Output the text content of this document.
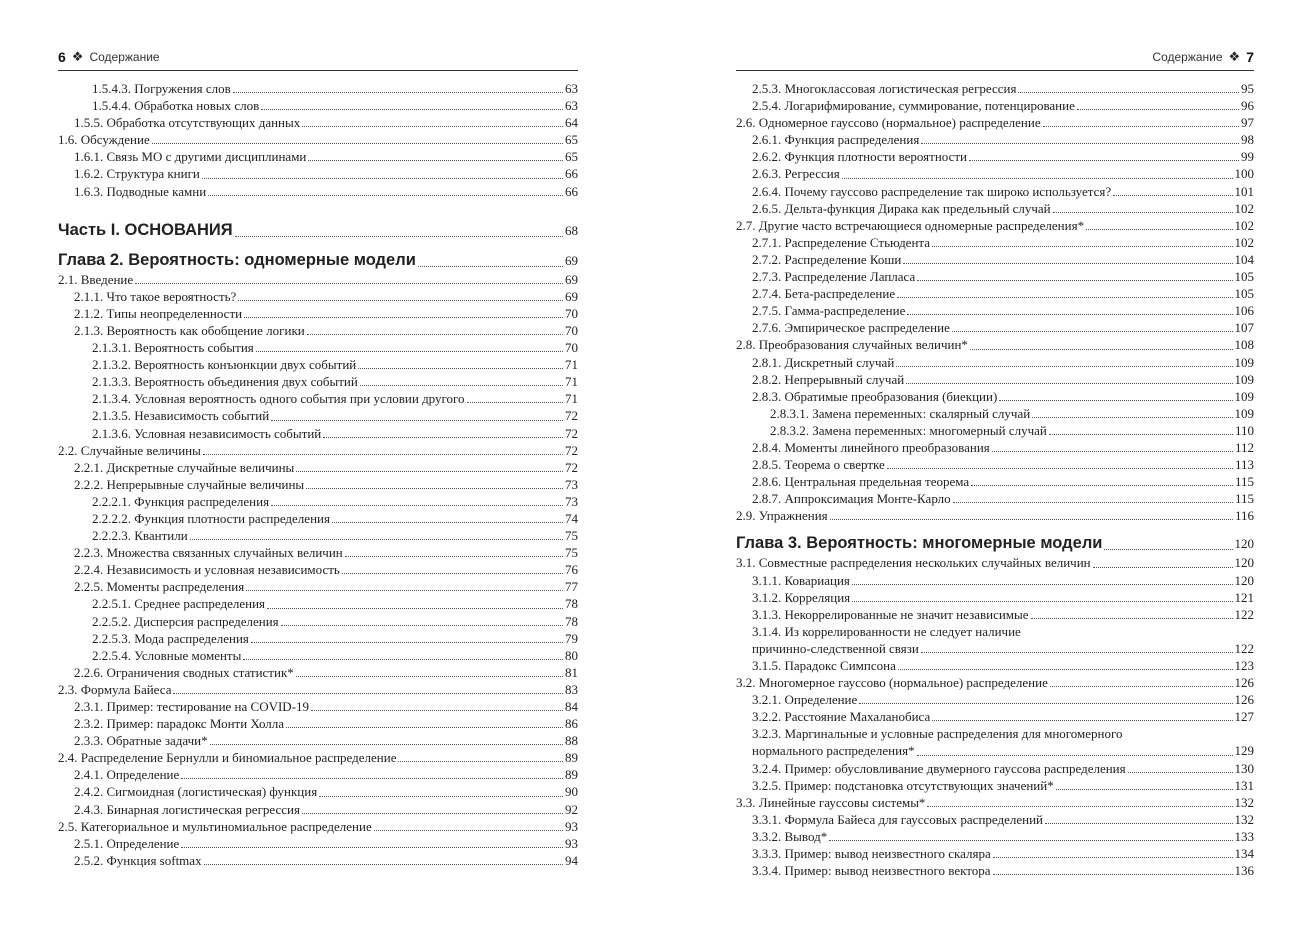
6 ❖ Содержание
1.5.4.3. Погружения слов	63
1.5.4.4. Обработка новых слов	63
1.5.5. Обработка отсутствующих данных	64
1.6. Обсуждение	65
1.6.1. Связь МО с другими дисциплинами	65
1.6.2. Структура книги	66
1.6.3. Подводные камни	66
Часть I. ОСНОВАНИЯ	68
Глава 2. Вероятность: одномерные модели	69
2.1. Введение	69
2.1.1. Что такое вероятность?	69
2.1.2. Типы неопределенности	70
2.1.3. Вероятность как обобщение логики	70
2.1.3.1. Вероятность события	70
2.1.3.2. Вероятность конъюнкции двух событий	71
2.1.3.3. Вероятность объединения двух событий	71
2.1.3.4. Условная вероятность одного события при условии другого	71
2.1.3.5. Независимость событий	72
2.1.3.6. Условная независимость событий	72
2.2. Случайные величины	72
2.2.1. Дискретные случайные величины	72
2.2.2. Непрерывные случайные величины	73
2.2.2.1. Функция распределения	73
2.2.2.2. Функция плотности распределения	74
2.2.2.3. Квантили	75
2.2.3. Множества связанных случайных величин	75
2.2.4. Независимость и условная независимость	76
2.2.5. Моменты распределения	77
2.2.5.1. Среднее распределения	78
2.2.5.2. Дисперсия распределения	78
2.2.5.3. Мода распределения	79
2.2.5.4. Условные моменты	80
2.2.6. Ограничения сводных статистик*	81
2.3. Формула Байеса	83
2.3.1. Пример: тестирование на COVID-19	84
2.3.2. Пример: парадокс Монти Холла	86
2.3.3. Обратные задачи*	88
2.4. Распределение Бернулли и биномиальное распределение	89
2.4.1. Определение	89
2.4.2. Сигмоидная (логистическая) функция	90
2.4.3. Бинарная логистическая регрессия	92
2.5. Категориальное и мультиномиальное распределение	93
2.5.1. Определение	93
2.5.2. Функция softmax	94
Содержание ❖ 7
2.5.3. Многоклассовая логистическая регрессия	95
2.5.4. Логарифмирование, суммирование, потенцирование	96
2.6. Одномерное гауссово (нормальное) распределение	97
2.6.1. Функция распределения	98
2.6.2. Функция плотности вероятности	99
2.6.3. Регрессия	100
2.6.4. Почему гауссово распределение так широко используется?	101
2.6.5. Дельта-функция Дирака как предельный случай	102
2.7. Другие часто встречающиеся одномерные распределения*	102
2.7.1. Распределение Стьюдента	102
2.7.2. Распределение Коши	104
2.7.3. Распределение Лапласа	105
2.7.4. Бета-распределение	105
2.7.5. Гамма-распределение	106
2.7.6. Эмпирическое распределение	107
2.8. Преобразования случайных величин*	108
2.8.1. Дискретный случай	109
2.8.2. Непрерывный случай	109
2.8.3. Обратимые преобразования (биекции)	109
2.8.3.1. Замена переменных: скалярный случай	109
2.8.3.2. Замена переменных: многомерный случай	110
2.8.4. Моменты линейного преобразования	112
2.8.5. Теорема о свертке	113
2.8.6. Центральная предельная теорема	115
2.8.7. Аппроксимация Монте-Карло	115
2.9. Упражнения	116
Глава 3. Вероятность: многомерные модели	120
3.1. Совместные распределения нескольких случайных величин	120
3.1.1. Ковариация	120
3.1.2. Корреляция	121
3.1.3. Некоррелированные не значит независимые	122
3.1.4. Из коррелированности не следует наличие
причинно-следственной связи	122
3.1.5. Парадокс Симпсона	123
3.2. Многомерное гауссово (нормальное) распределение	126
3.2.1. Определение	126
3.2.2. Расстояние Махаланобиса	127
3.2.3. Маргинальные и условные распределения для многомерного
нормального распределения*	129
3.2.4. Пример: обусловливание двумерного гауссова распределения	130
3.2.5. Пример: подстановка отсутствующих значений*	131
3.3. Линейные гауссовы системы*	132
3.3.1. Формула Байеса для гауссовых распределений	132
3.3.2. Вывод*	133
3.3.3. Пример: вывод неизвестного скаляра	134
3.3.4. Пример: вывод неизвестного вектора	136
